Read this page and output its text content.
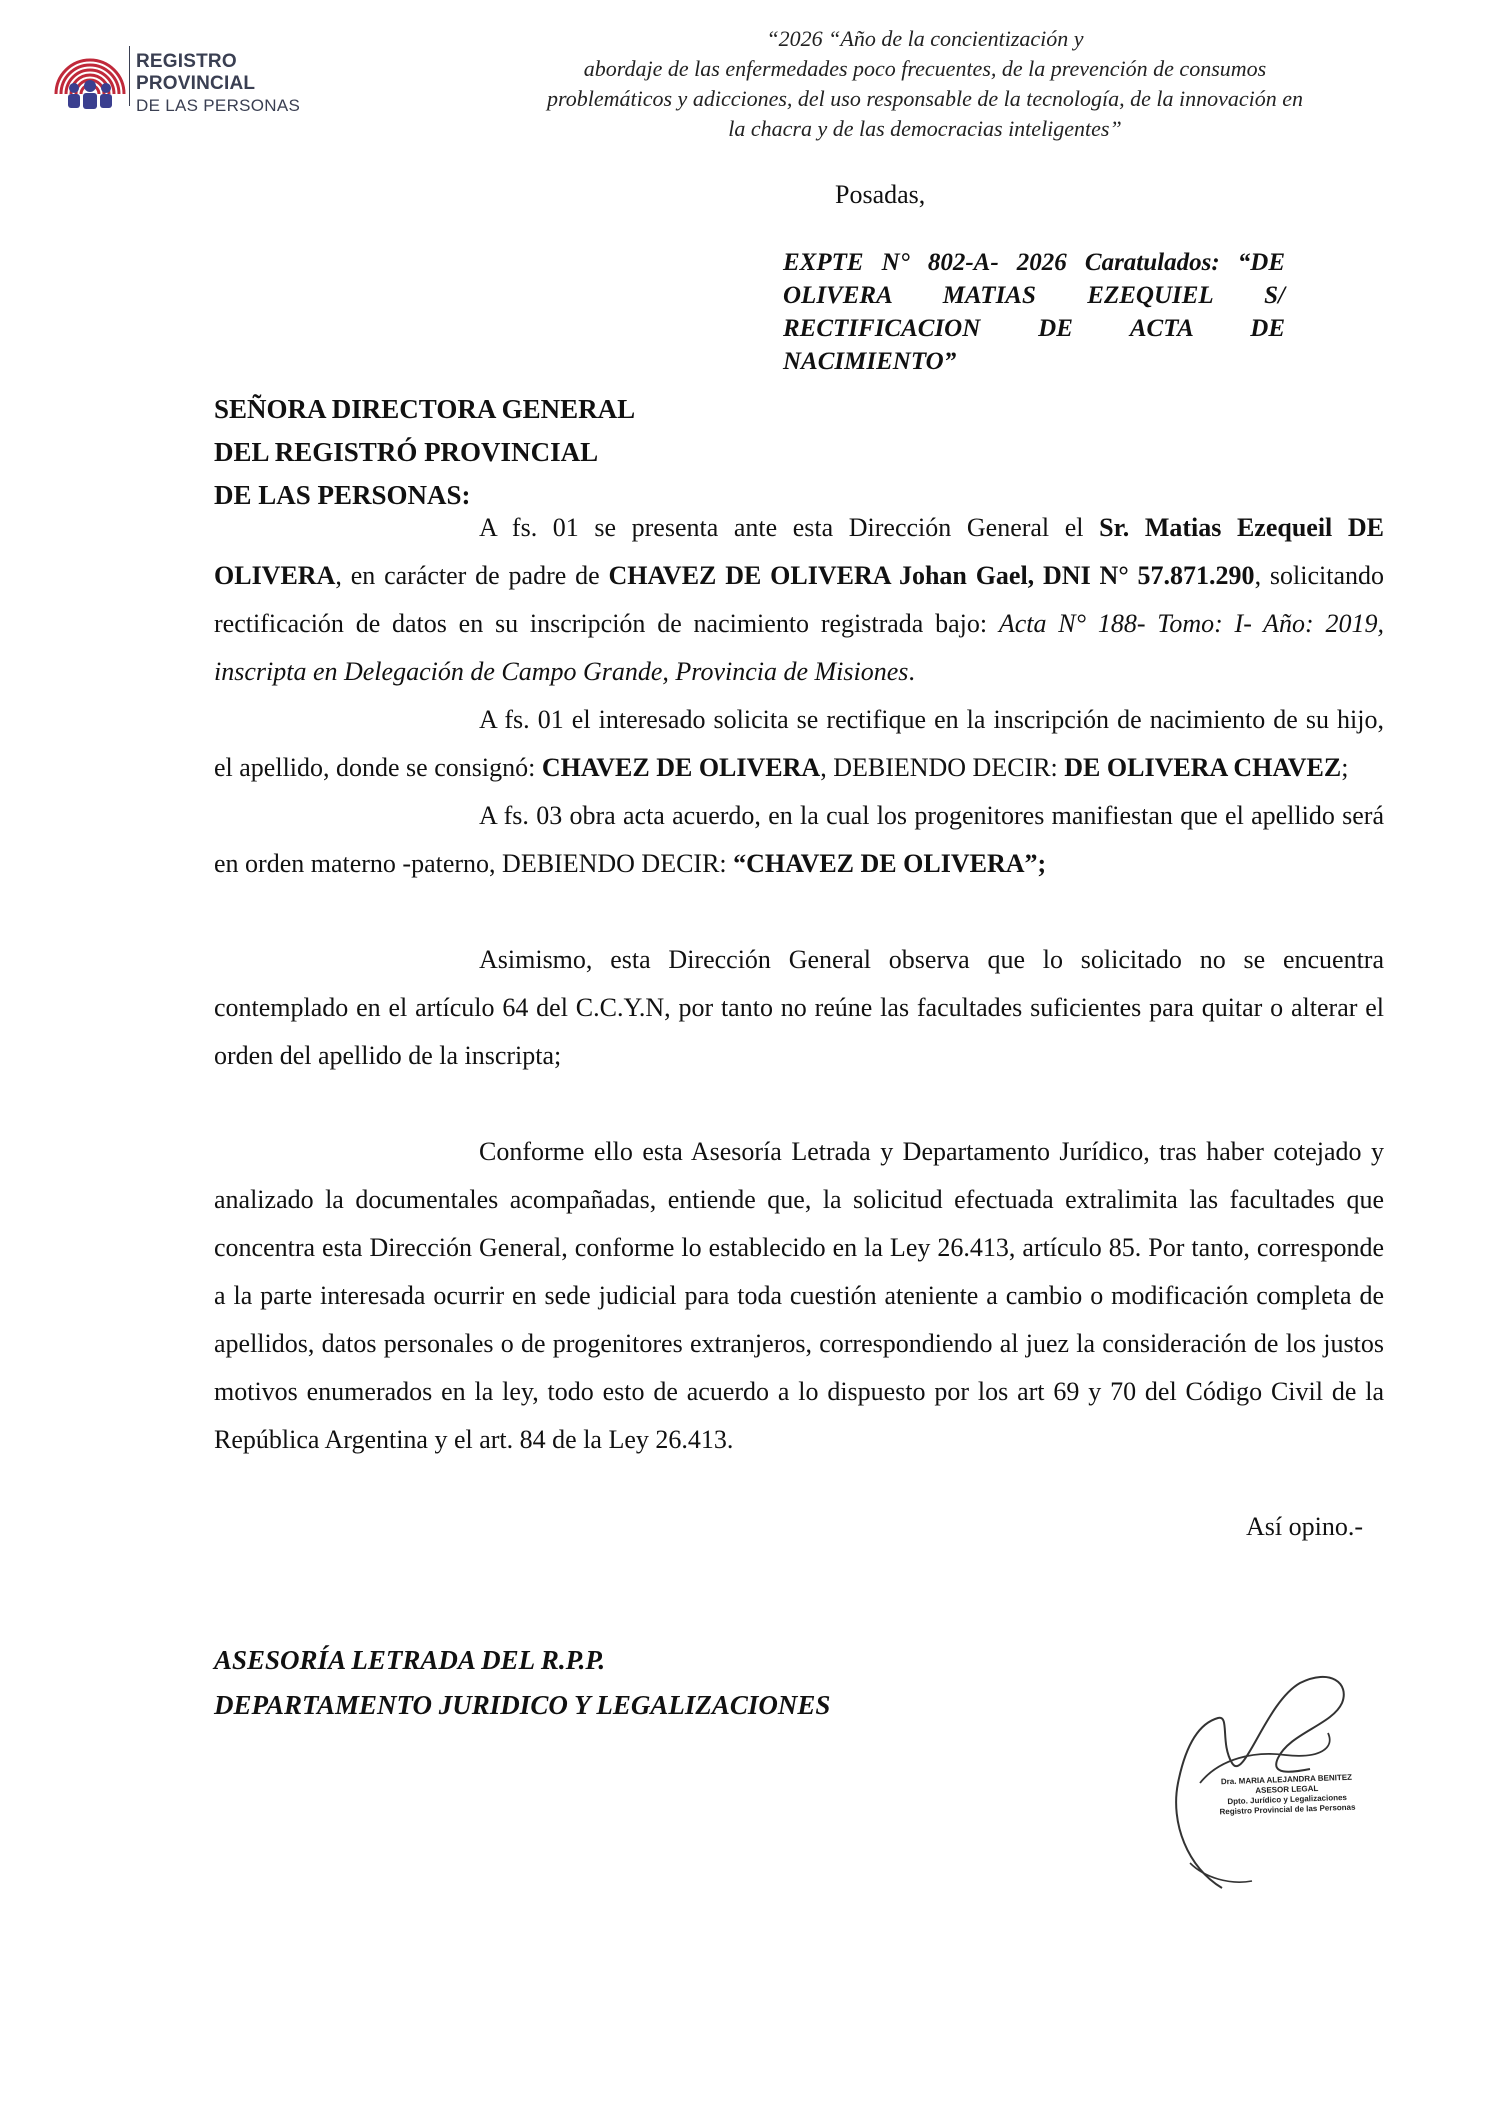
REGISTRO PROVINCIAL
DE LAS PERSONAS
“2026 “Año de la concientización y
abordaje de las enfermedades poco frecuentes, de la prevención de consumos
problemáticos y adicciones, del uso responsable de la tecnología, de la innovación en
la chacra y de las democracias inteligentes”
Posadas,
EXPTE N° 802-A- 2026 Caratulados: “DE
OLIVERA MATIAS EZEQUIEL S/
RECTIFICACION DE ACTA DE
NACIMIENTO”
SEÑORA DIRECTORA GENERAL
DEL REGISTRÓ PROVINCIAL
DE LAS PERSONAS:

A fs. 01 se presenta ante esta Dirección General el Sr. Matias Ezequeil DE OLIVERA, en carácter de padre de CHAVEZ DE OLIVERA Johan Gael, DNI N° 57.871.290, solicitando rectificación de datos en su inscripción de nacimiento registrada bajo: Acta N° 188- Tomo: I- Año: 2019, inscripta en Delegación de Campo Grande, Provincia de Misiones.

A fs. 01 el interesado solicita se rectifique en la inscripción de nacimiento de su hijo, el apellido, donde se consignó: CHAVEZ DE OLIVERA, DEBIENDO DECIR: DE OLIVERA CHAVEZ;

A fs. 03 obra acta acuerdo, en la cual los progenitores manifiestan que el apellido será en orden materno -paterno, DEBIENDO DECIR: “CHAVEZ DE OLIVERA”;

Asimismo, esta Dirección General observa que lo solicitado no se encuentra contemplado en el artículo 64 del C.C.Y.N, por tanto no reúne las facultades suficientes para quitar o alterar el orden del apellido de la inscripta;

Conforme ello esta Asesoría Letrada y Departamento Jurídico, tras haber cotejado y analizado la documentales acompañadas, entiende que, la solicitud efectuada extralimita las facultades que concentra esta Dirección General, conforme lo establecido en la Ley 26.413, artículo 85. Por tanto, corresponde a la parte interesada ocurrir en sede judicial para toda cuestión ateniente a cambio o modificación completa de apellidos, datos personales o de progenitores extranjeros, correspondiendo al juez la consideración de los justos motivos enumerados en la ley, todo esto de acuerdo a lo dispuesto por los art 69 y 70 del Código Civil de la República Argentina y el art. 84 de la Ley 26.413.

Así opino.-
ASESORÍA LETRADA DEL R.P.P.
DEPARTAMENTO JURIDICO Y LEGALIZACIONES
Dra. MARIA ALEJANDRA BENITEZ
ASESOR LEGAL
Dpto. Jurídico y Legalizaciones
Registro Provincial de las Personas
